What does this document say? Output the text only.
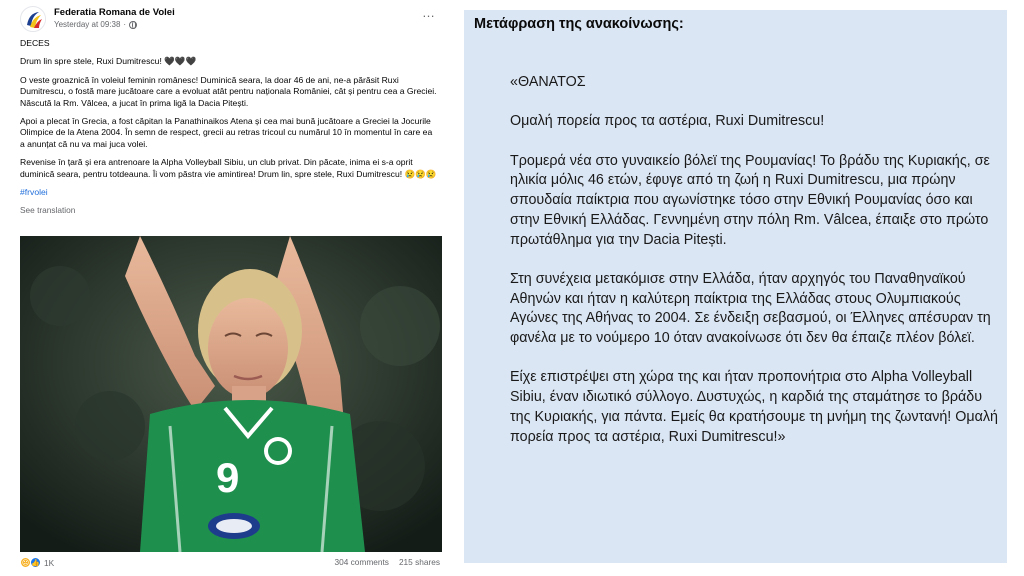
Federatia Romana de Volei
Yesterday at 09:38 ·
…

DECES

Drum lin spre stele, Ruxi Dumitrescu! 🖤🖤🖤

O veste groaznică în voleiul feminin românesc! Duminică seara, la doar 46 de ani, ne-a părăsit Ruxi Dumitrescu, o fostă mare jucătoare care a evoluat atât pentru naționala României, cât și pentru cea a Greciei. Născută la Rm. Vâlcea, a jucat în prima ligă la Dacia Pitești.

Apoi a plecat în Grecia, a fost căpitan la Panathinaikos Atena și cea mai bună jucătoare a Greciei la Jocurile Olimpice de la Atena 2004. În semn de respect, grecii au retras tricoul cu numărul 10 în momentul în care ea a anunțat că nu va mai juca volei.

Revenise în țară și era antrenoare la Alpha Volleyball Sibiu, un club privat. Din păcate, inima ei s-a oprit duminică seara, pentru totdeauna. Îi vom păstra vie amintirea! Drum lin, spre stele, Ruxi Dumitrescu! 😢😢😢

#frvolei

See translation

9
☹ 👍 1K	304 comments 215 shares
Μετάφραση της ανακοίνωσης:

«ΘΑΝΑΤΟΣ

Ομαλή πορεία προς τα αστέρια, Ruxi Dumitrescu!

Τρομερά νέα στο γυναικείο βόλεϊ της Ρουμανίας! Το βράδυ της Κυριακής, σε ηλικία μόλις 46 ετών, έφυγε από τη ζωή η Ruxi Dumitrescu, μια πρώην σπουδαία παίκτρια που αγωνίστηκε τόσο στην Εθνική Ρουμανίας όσο και στην Εθνική Ελλάδας. Γεννημένη στην πόλη Rm. Vâlcea, έπαιξε στο πρώτο πρωτάθλημα για την Dacia Pitești.

Στη συνέχεια μετακόμισε στην Ελλάδα, ήταν αρχηγός του Παναθηναϊκού Αθηνών και ήταν η καλύτερη παίκτρια της Ελλάδας στους Ολυμπιακούς Αγώνες της Αθήνας το 2004. Σε ένδειξη σεβασμού, οι Έλληνες απέσυραν τη φανέλα με το νούμερο 10 όταν ανακοίνωσε ότι δεν θα έπαιζε πλέον βόλεϊ.

Είχε επιστρέψει στη χώρα της και ήταν προπονήτρια στο Alpha Volleyball Sibiu, έναν ιδιωτικό σύλλογο. Δυστυχώς, η καρδιά της σταμάτησε το βράδυ της Κυριακής, για πάντα. Εμείς θα κρατήσουμε τη μνήμη της ζωντανή! Ομαλή πορεία προς τα αστέρια, Ruxi Dumitrescu!»
